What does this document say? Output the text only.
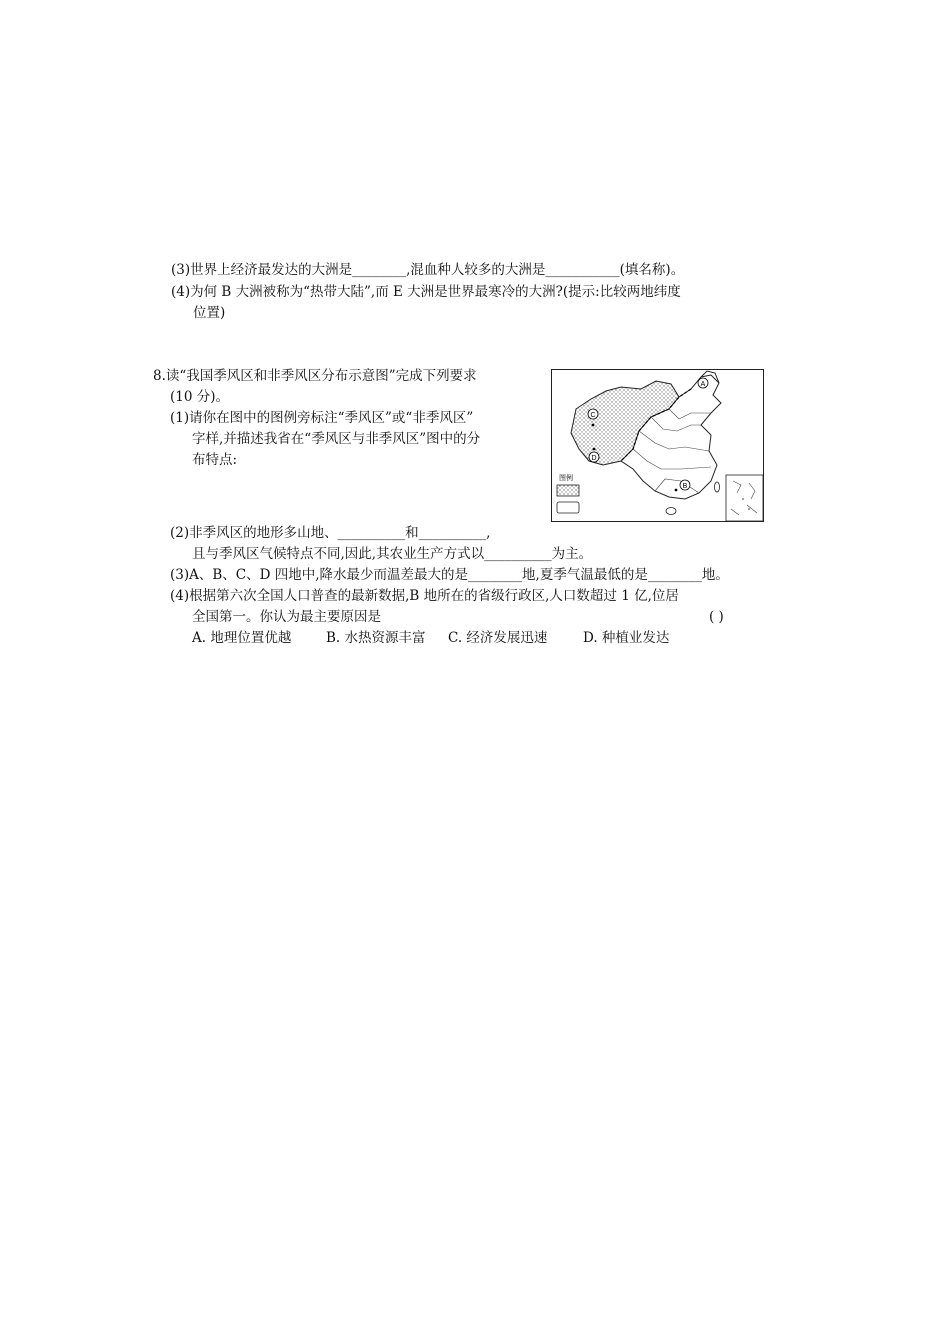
(3)世界上经济最发达的大洲是________,混血种人较多的大洲是___________(填名称)。
(4)为何 B 大洲被称为“热带大陆”,而 E 大洲是世界最寒冷的大洲?(提示:比较两地纬度
位置)
8.读“我国季风区和非季风区分布示意图”完成下列要求
(10 分)。
(1)请你在图中的图例旁标注“季风区”或“非季风区”
字样,并描述我省在“季风区与非季风区”图中的分
布特点:
A
C
D
B
图例
(2)非季风区的地形多山地、__________和__________,
且与季风区气候特点不同,因此,其农业生产方式以__________为主。
(3)A、B、C、D 四地中,降水最少而温差最大的是________地,夏季气温最低的是________地。
(4)根据第六次全国人口普查的最新数据,B 地所在的省级行政区,人口数超过 1 亿,位居
全国第一。你认为最主要原因是	( )
A. 地理位置优越	B. 水热资源丰富 C. 经济发展迅速	D. 种植业发达
